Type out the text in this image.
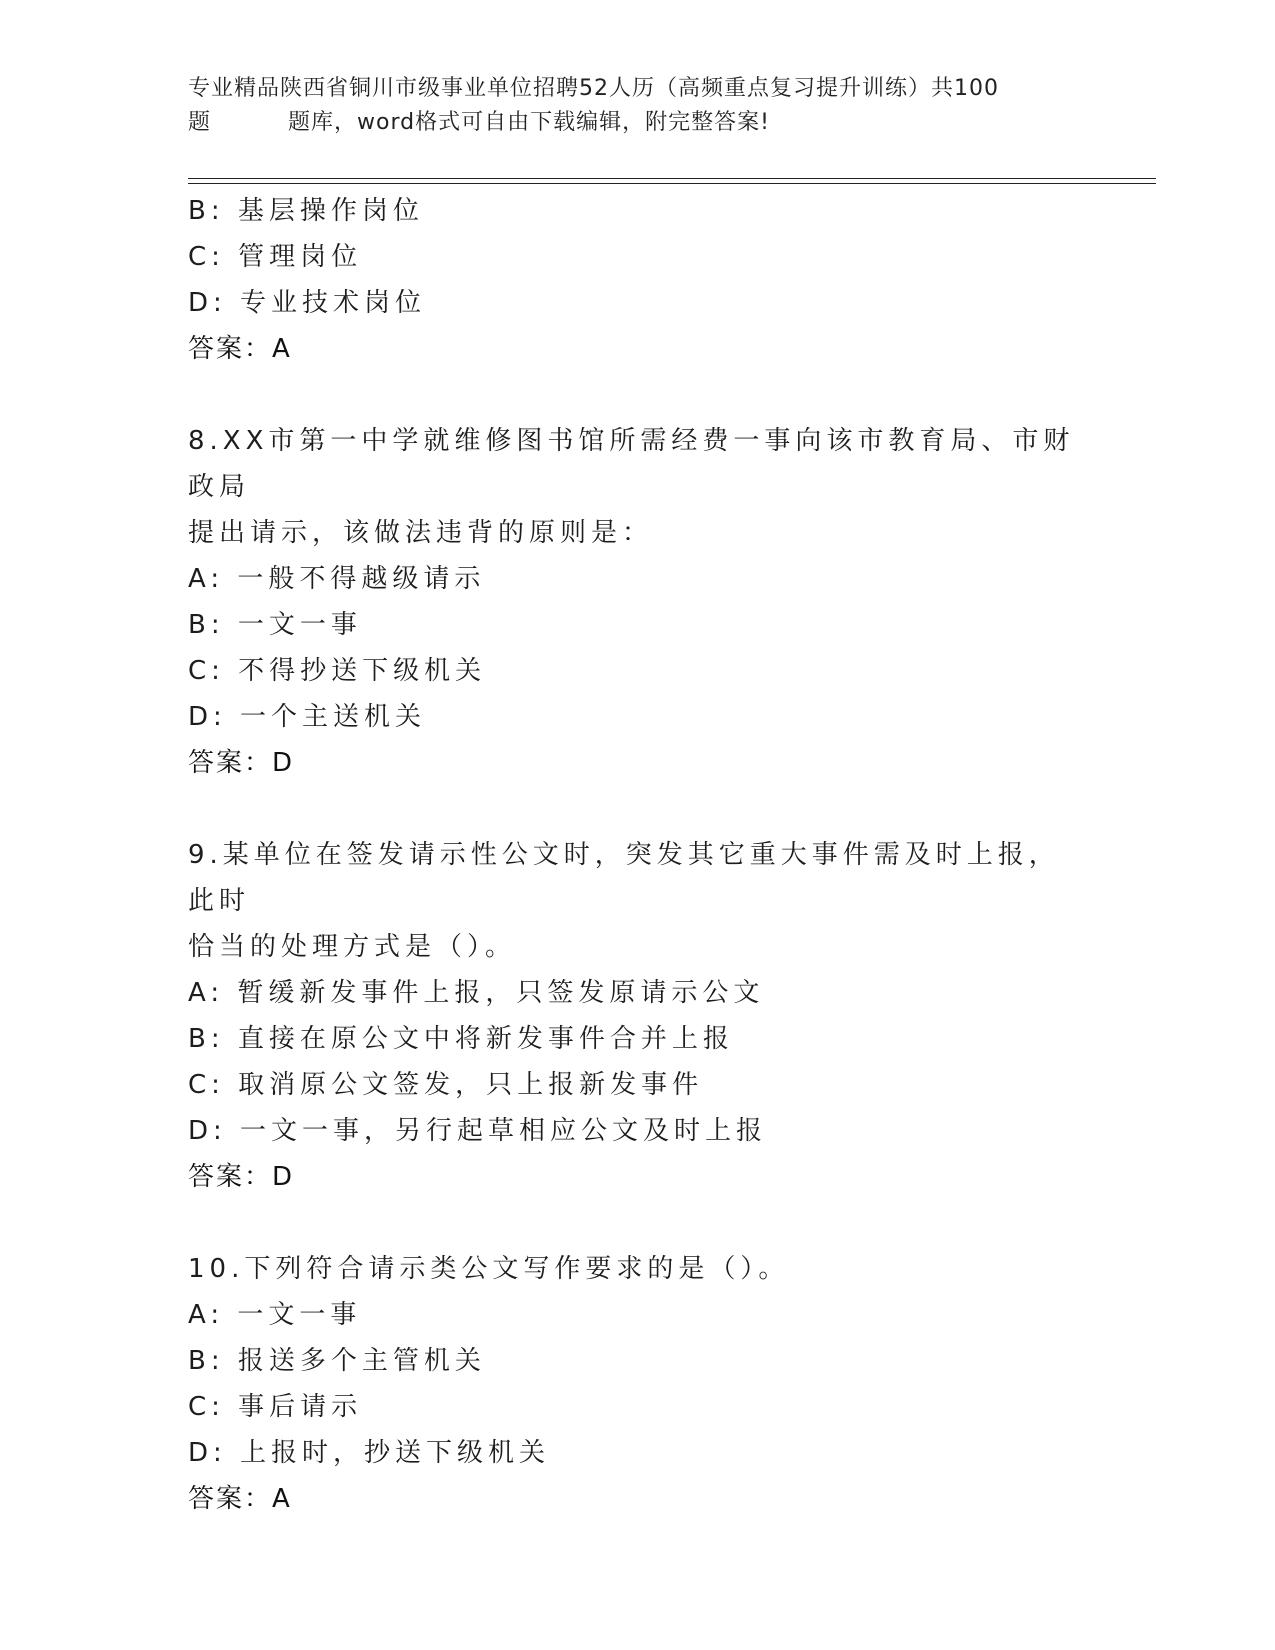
专业精品陕西省铜川市级事业单位招聘52人历（高频重点复习提升训练）共100
题	题库，word格式可自由下载编辑，附完整答案!
B: 基层操作岗位
C: 管理岗位
D: 专业技术岗位
答案：A
8.XX市第一中学就维修图书馆所需经费一事向该市教育局、市财政局
提出请示，该做法违背的原则是：
A: 一般不得越级请示
B: 一文一事
C: 不得抄送下级机关
D: 一个主送机关
答案：D
9.某单位在签发请示性公文时，突发其它重大事件需及时上报，此时
恰当的处理方式是（）。
A: 暂缓新发事件上报，只签发原请示公文
B: 直接在原公文中将新发事件合并上报
C: 取消原公文签发，只上报新发事件
D: 一文一事，另行起草相应公文及时上报
答案：D
10.下列符合请示类公文写作要求的是（）。
A: 一文一事
B: 报送多个主管机关
C: 事后请示
D: 上报时，抄送下级机关
答案：A
